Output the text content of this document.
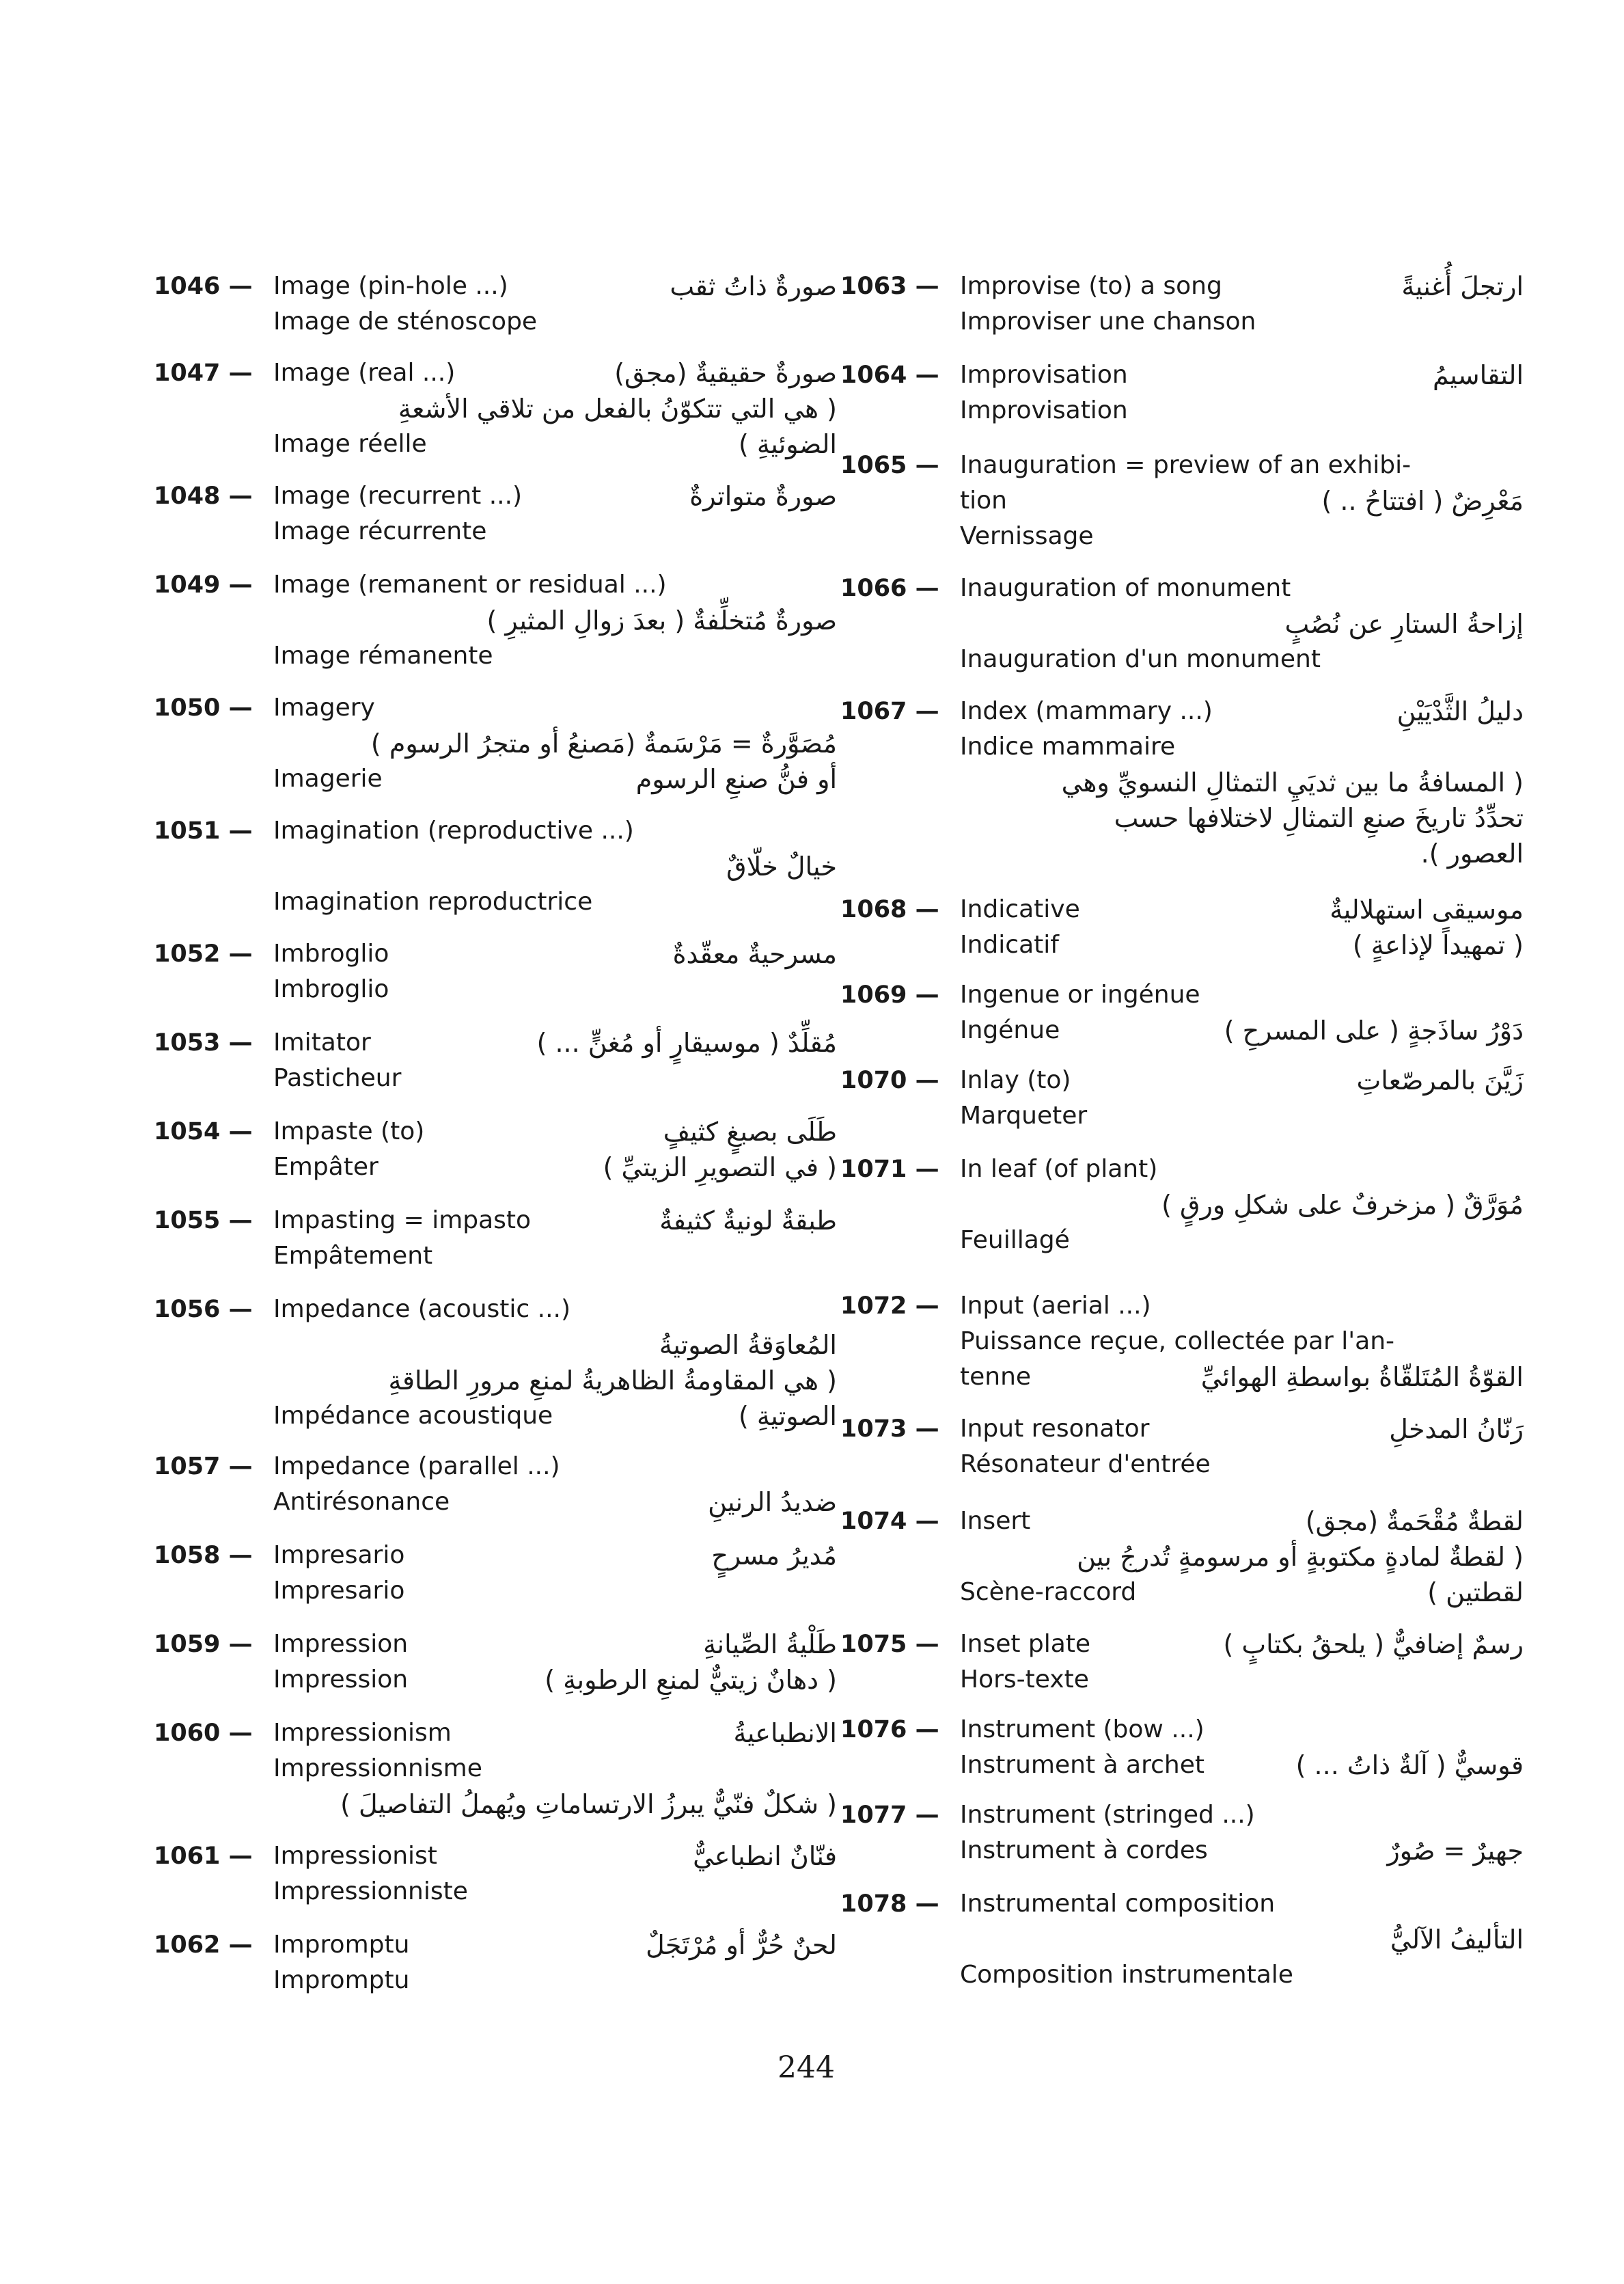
1046 — Image (pin-hole ...)	صورةٌ ذاتُ ثقب
Image de sténoscope
1047 — Image (real ...)	صورةٌ حقيقيةٌ (مجق)
( هي التي تتكوّنُ بالفعل من تلاقي الأشعةِ
Image réelle	الضوئيةِ )
1048 — Image (recurrent ...)	صورةٌ متواترةٌ
Image récurrente
1049 — Image (remanent or residual ...)
صورةٌ مُتخلِّفةٌ ( بعدَ زوالِ المثيرِ )
Image rémanente
1050 — Imagery
مُصَوَّرةٌ = مَرْسَمةٌ (مَصنعُ أو متجرُ الرسوم )
Imagerie	أو فنُّ صنعِ الرسوم
1051 — Imagination (reproductive ...)
خيالٌ خلّاقٌ
Imagination reproductrice
1052 — Imbroglio	مسرحيةٌ معقّدةٌ
Imbroglio
1053 — Imitator	مُقلِّدٌ ( موسيقارٍ أو مُغنٍّ ... )
Pasticheur
1054 — Impaste (to)	طَلَى بصبغٍ كثيفٍ
Empâter	( في التصويرِ الزيتيِّ )
1055 — Impasting = impasto	طبقةٌ لونيةٌ كثيفةٌ
Empâtement
1056 — Impedance (acoustic ...)
المُعاوَقةُ الصوتيةُ
( هي المقاومةُ الظاهريةُ لمنعِ مرورِ الطاقةِ
Impédance acoustique	الصوتيةِ )
1057 — Impedance (parallel ...)
Antirésonance	ضديدُ الرنينِ
1058 — Impresario	مُديرُ مسرحٍ
Impresario
1059 — Impression	طَلْيةُ الصِّيانةِ
Impression	( دهانٌ زيتيٌّ لمنعِ الرطوبةِ )
1060 — Impressionism	الانطباعيةُ
Impressionnisme
( شكلٌ فنّيٌّ يبرزُ الارتساماتِ ويُهملُ التفاصيلَ )
1061 — Impressionist	فنّانٌ انطباعيٌّ
Impressionniste
1062 — Impromptu	لحنٌ حُرٌّ أو مُرْتَجَلٌ
Impromptu
1063 — Improvise (to) a song	ارتجلَ أُغنيةً
Improviser une chanson
1064 — Improvisation	التقاسيمُ
Improvisation
1065 — Inauguration = preview of an exhibi-
tion	مَعْرِضٌ ( افتتاحُ .. )
Vernissage
1066 — Inauguration of monument
إزاحةُ الستارِ عن نُصُبٍ
Inauguration d'un monument
1067 — Index (mammary ...)	دليلُ الثَّدْيَيْنِ
Indice mammaire
( المسافةُ ما بين ثديَيِ التمثالِ النسويِّ وهي
تحدِّدُ تاريخَ صنعِ التمثالِ لاختلافها حسب
العصور ).
1068 — Indicative	موسيقى استهلاليةٌ
Indicatif	( تمهيداً لإذاعةٍ )
1069 — Ingenue or ingénue
Ingénue	دَوْرُ ساذَجةٍ ( على المسرحِ )
1070 — Inlay (to)	زَيَّنَ بالمرصّعاتِ
Marqueter
1071 — In leaf (of plant)
مُوَرَّقٌ ( مزخرفٌ على شكلِ ورقٍ )
Feuillagé
1072 — Input (aerial ...)
Puissance reçue, collectée par l'an-
tenne	القوّةُ المُتَلقّاةُ بواسطةِ الهوائيِّ
1073 — Input resonator	رَنّانُ المدخلِ
Résonateur d'entrée
1074 — Insert	لقطةٌ مُقْحَمةٌ (مجق)
( لقطةٌ لمادةٍ مكتوبةٍ أو مرسومةٍ تُدرجُ بين
Scène-raccord	لقطتين )
1075 — Inset plate	رسمٌ إضافيٌّ ( يلحقُ بكتابٍ )
Hors-texte
1076 — Instrument (bow ...)
Instrument à archet	قوسيٌّ ( آلةٌ ذاتُ ... )
1077 — Instrument (stringed ...)
Instrument à cordes	جهيرٌ = صُورٌ
1078 — Instrumental composition
التأليفُ الآليُّ
Composition instrumentale
244
